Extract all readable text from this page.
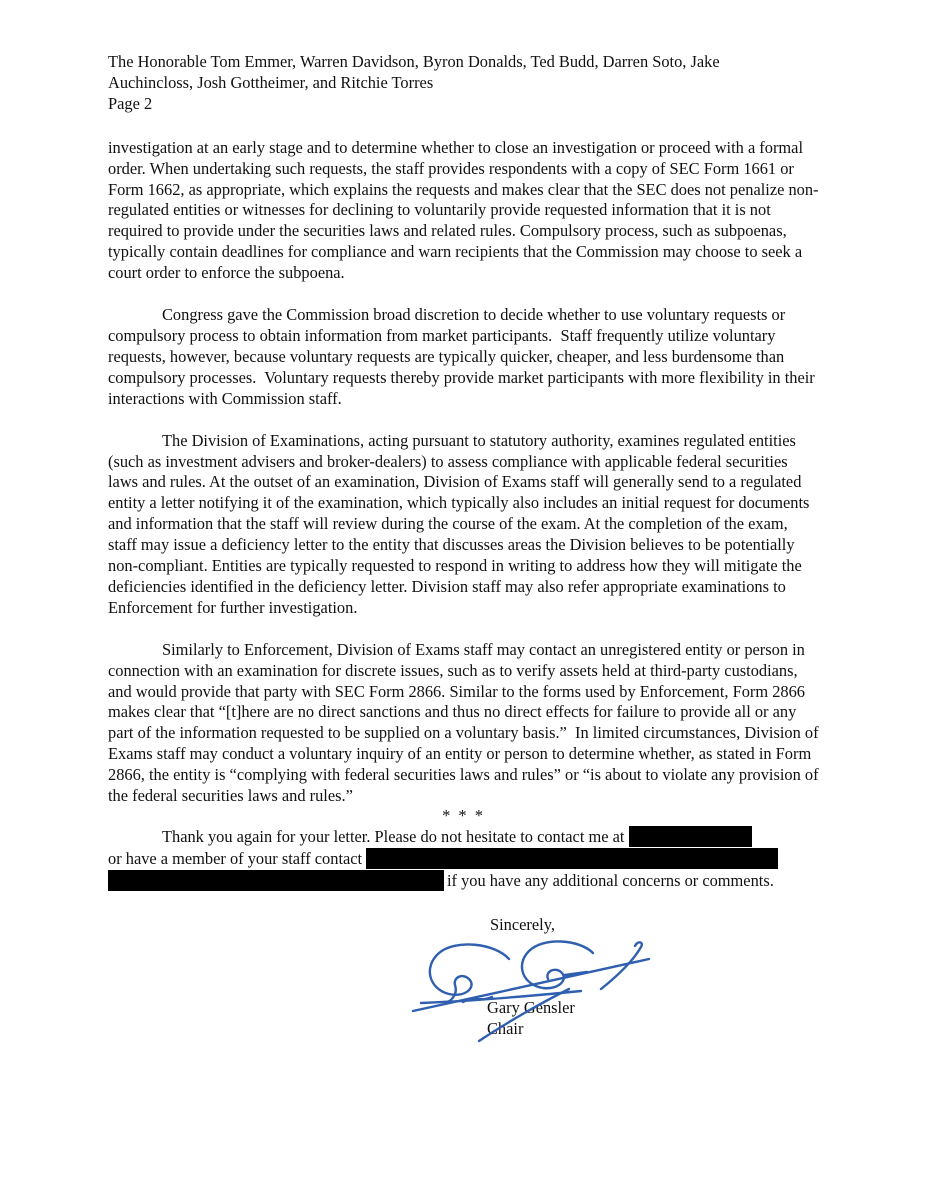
The Honorable Tom Emmer, Warren Davidson, Byron Donalds, Ted Budd, Darren Soto, Jake

Auchincloss, Josh Gottheimer, and Ritchie Torres

Page 2

investigation at an early stage and to determine whether to close an investigation or proceed with a formal order. When undertaking such requests, the staff provides respondents with a copy of SEC Form 1661 or Form 1662, as appropriate, which explains the requests and makes clear that the SEC does not penalize non-regulated entities or witnesses for declining to voluntarily provide requested information that it is not required to provide under the securities laws and related rules. Compulsory process, such as subpoenas, typically contain deadlines for compliance and warn recipients that the Commission may choose to seek a court order to enforce the subpoena.

Congress gave the Commission broad discretion to decide whether to use voluntary requests or compulsory process to obtain information from market participants.  Staff frequently utilize voluntary requests, however, because voluntary requests are typically quicker, cheaper, and less burdensome than compulsory processes.  Voluntary requests thereby provide market participants with more flexibility in their interactions with Commission staff.

The Division of Examinations, acting pursuant to statutory authority, examines regulated entities (such as investment advisers and broker-dealers) to assess compliance with applicable federal securities laws and rules. At the outset of an examination, Division of Exams staff will generally send to a regulated entity a letter notifying it of the examination, which typically also includes an initial request for documents and information that the staff will review during the course of the exam. At the completion of the exam, staff may issue a deficiency letter to the entity that discusses areas the Division believes to be potentially non-compliant. Entities are typically requested to respond in writing to address how they will mitigate the deficiencies identified in the deficiency letter. Division staff may also refer appropriate examinations to Enforcement for further investigation.

Similarly to Enforcement, Division of Exams staff may contact an unregistered entity or person in connection with an examination for discrete issues, such as to verify assets held at third-party custodians, and would provide that party with SEC Form 2866. Similar to the forms used by Enforcement, Form 2866 makes clear that “[t]here are no direct sanctions and thus no direct effects for failure to provide all or any part of the information requested to be supplied on a voluntary basis.”  In limited circumstances, Division of Exams staff may conduct a voluntary inquiry of an entity or person to determine whether, as stated in Form 2866, the entity is “complying with federal securities laws and rules” or “is about to violate any provision of the federal securities laws and rules.”

* * *

Thank you again for your letter. Please do not hesitate to contact me at
or have a member of your staff contact
if you have any additional concerns or comments.

Sincerely,

Gary Gensler

Chair
